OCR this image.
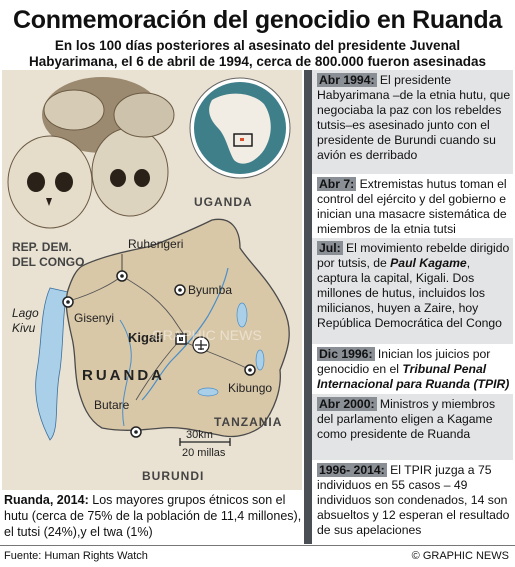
Conmemoración del genocidio en Ruanda
En los 100 días posteriores al asesinato del presidente Juvenal
Habyarimana, el 6 de abril de 1994, cerca de 800.000 fueron asesinadas
UGANDA
REP. DEM.
DEL CONGO
TANZANIA
BURUNDI
Lago
Kivu
RUANDA
Ruhengeri
Gisenyi
Byumba
Kigali
Kibungo
Butare
30km
20 millas
GRAPHIC NEWS
Ruanda, 2014: Los mayores grupos étnicos son el hutu (cerca de 75% de la población de 11,4 millones), el tutsi (24%),y el twa (1%)
Abr 1994: El presidente Habyarimana –de la etnia hutu, que negociaba la paz con los rebeldes tutsis–es asesinado junto con el presidente de Burundi cuando su avión es derribado
Abr 7: Extremistas hutus toman el control del ejército y del gobierno e inician una masacre sistemática de miembros de la etnia tutsi
Jul: El movimiento rebelde dirigido por tutsis, de Paul Kagame, captura la capital, Kigali. Dos millones de hutus, incluidos los milicianos, huyen a Zaire, hoy República Democrática del Congo
Dic 1996: Inician los juicios por genocidio en el Tribunal Penal Internacional para Ruanda (TPIR)
Abr 2000: Ministros y miembros del parlamento eligen a Kagame como presidente de Ruanda
1996- 2014: El TPIR juzga a 75 individuos en 55 casos – 49 individuos son condenados, 14 son absueltos y 12 esperan el resultado de sus apelaciones
Fuente: Human Rights Watch	© GRAPHIC NEWS
